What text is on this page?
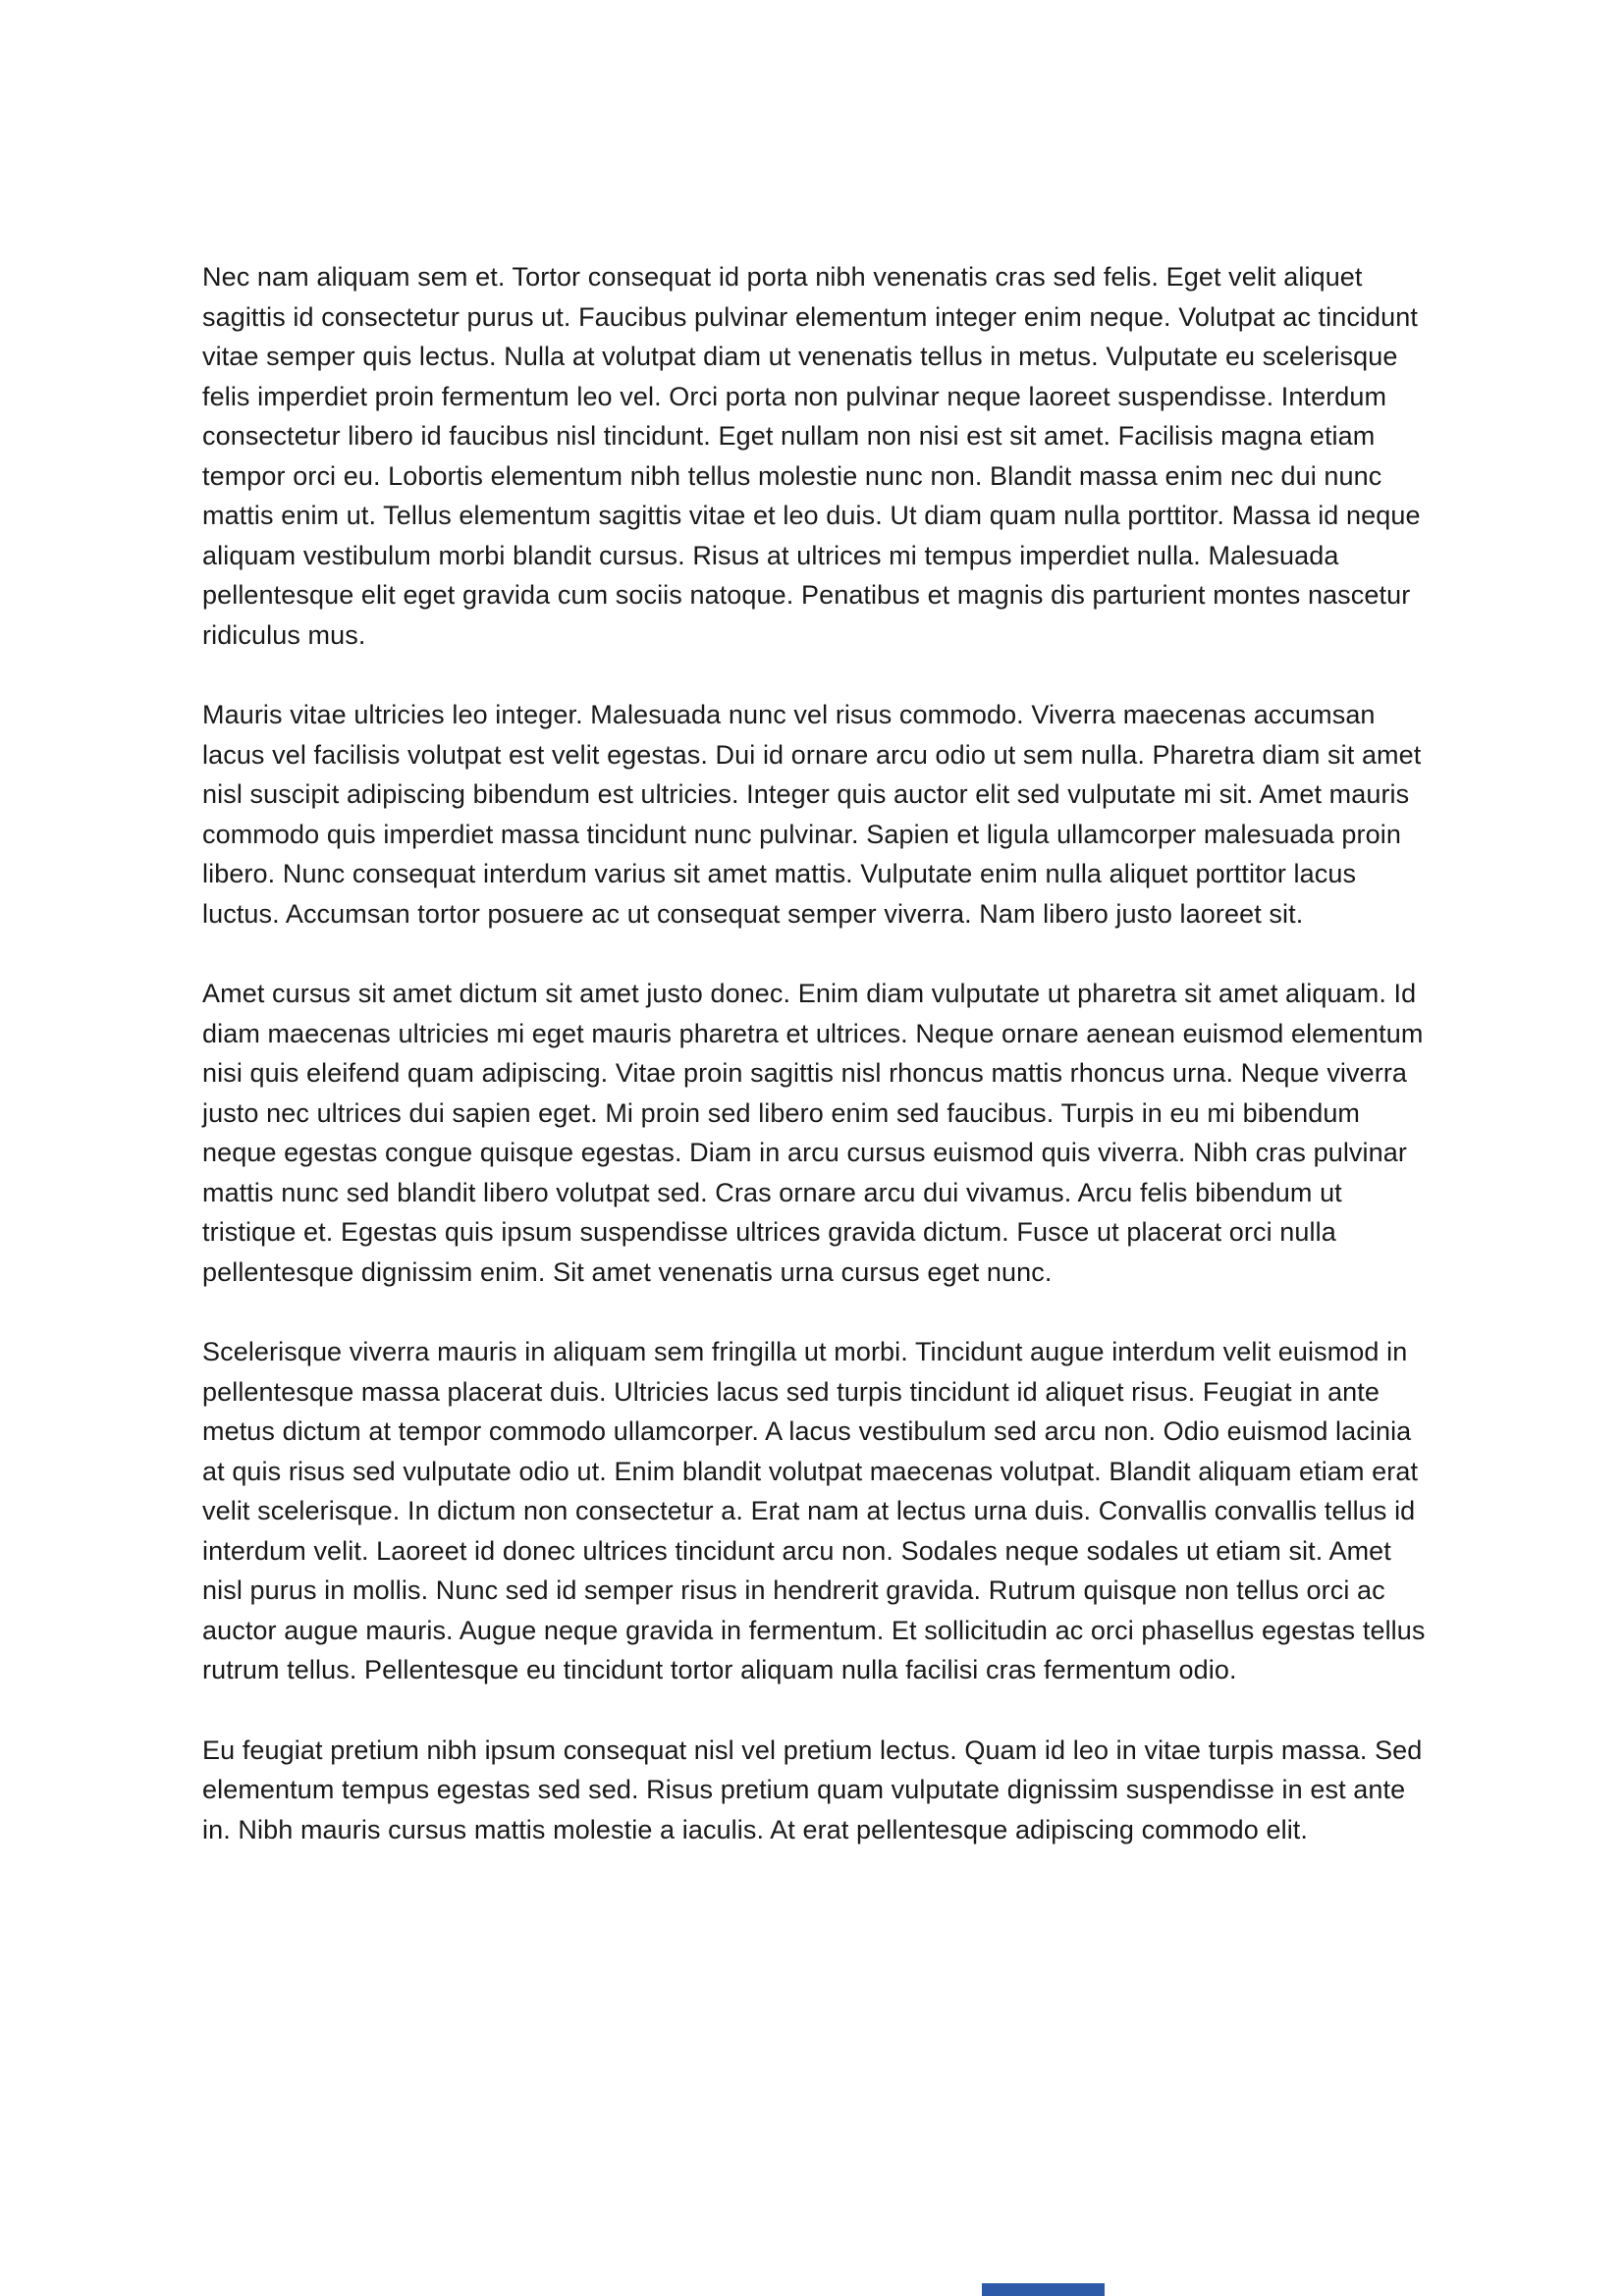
Nec nam aliquam sem et. Tortor consequat id porta nibh venenatis cras sed felis. Eget velit aliquet sagittis id consectetur purus ut. Faucibus pulvinar elementum integer enim neque. Volutpat ac tincidunt vitae semper quis lectus. Nulla at volutpat diam ut venenatis tellus in metus. Vulputate eu scelerisque felis imperdiet proin fermentum leo vel. Orci porta non pulvinar neque laoreet suspendisse. Interdum consectetur libero id faucibus nisl tincidunt. Eget nullam non nisi est sit amet. Facilisis magna etiam tempor orci eu. Lobortis elementum nibh tellus molestie nunc non. Blandit massa enim nec dui nunc mattis enim ut. Tellus elementum sagittis vitae et leo duis. Ut diam quam nulla porttitor. Massa id neque aliquam vestibulum morbi blandit cursus. Risus at ultrices mi tempus imperdiet nulla. Malesuada pellentesque elit eget gravida cum sociis natoque. Penatibus et magnis dis parturient montes nascetur ridiculus mus.

Mauris vitae ultricies leo integer. Malesuada nunc vel risus commodo. Viverra maecenas accumsan lacus vel facilisis volutpat est velit egestas. Dui id ornare arcu odio ut sem nulla. Pharetra diam sit amet nisl suscipit adipiscing bibendum est ultricies. Integer quis auctor elit sed vulputate mi sit. Amet mauris commodo quis imperdiet massa tincidunt nunc pulvinar. Sapien et ligula ullamcorper malesuada proin libero. Nunc consequat interdum varius sit amet mattis. Vulputate enim nulla aliquet porttitor lacus luctus. Accumsan tortor posuere ac ut consequat semper viverra. Nam libero justo laoreet sit.

Amet cursus sit amet dictum sit amet justo donec. Enim diam vulputate ut pharetra sit amet aliquam. Id diam maecenas ultricies mi eget mauris pharetra et ultrices. Neque ornare aenean euismod elementum nisi quis eleifend quam adipiscing. Vitae proin sagittis nisl rhoncus mattis rhoncus urna. Neque viverra justo nec ultrices dui sapien eget. Mi proin sed libero enim sed faucibus. Turpis in eu mi bibendum neque egestas congue quisque egestas. Diam in arcu cursus euismod quis viverra. Nibh cras pulvinar mattis nunc sed blandit libero volutpat sed. Cras ornare arcu dui vivamus. Arcu felis bibendum ut tristique et. Egestas quis ipsum suspendisse ultrices gravida dictum. Fusce ut placerat orci nulla pellentesque dignissim enim. Sit amet venenatis urna cursus eget nunc.

Scelerisque viverra mauris in aliquam sem fringilla ut morbi. Tincidunt augue interdum velit euismod in pellentesque massa placerat duis. Ultricies lacus sed turpis tincidunt id aliquet risus. Feugiat in ante metus dictum at tempor commodo ullamcorper. A lacus vestibulum sed arcu non. Odio euismod lacinia at quis risus sed vulputate odio ut. Enim blandit volutpat maecenas volutpat. Blandit aliquam etiam erat velit scelerisque. In dictum non consectetur a. Erat nam at lectus urna duis. Convallis convallis tellus id interdum velit. Laoreet id donec ultrices tincidunt arcu non. Sodales neque sodales ut etiam sit. Amet nisl purus in mollis. Nunc sed id semper risus in hendrerit gravida. Rutrum quisque non tellus orci ac auctor augue mauris. Augue neque gravida in fermentum. Et sollicitudin ac orci phasellus egestas tellus rutrum tellus. Pellentesque eu tincidunt tortor aliquam nulla facilisi cras fermentum odio.

Eu feugiat pretium nibh ipsum consequat nisl vel pretium lectus. Quam id leo in vitae turpis massa. Sed elementum tempus egestas sed sed. Risus pretium quam vulputate dignissim suspendisse in est ante in. Nibh mauris cursus mattis molestie a iaculis. At erat pellentesque adipiscing commodo elit.
